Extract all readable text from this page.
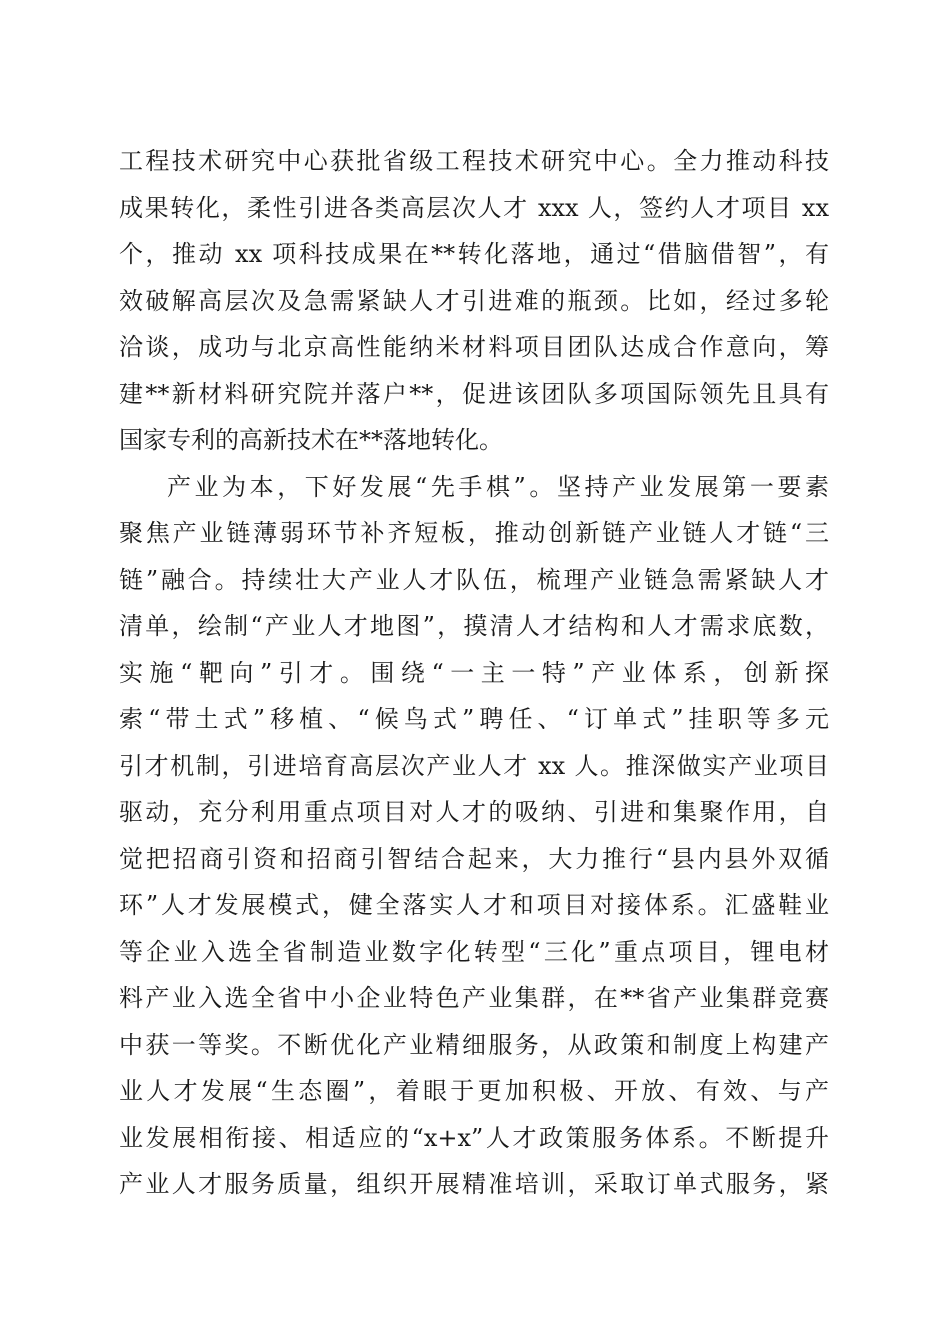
工程技术研究中心获批省级工程技术研究中心。全力推动科技
成果转化，柔性引进各类高层次人才 xxx 人，签约人才项目 xx
个，推动 xx 项科技成果在**转化落地，通过“借脑借智”，有
效破解高层次及急需紧缺人才引进难的瓶颈。比如，经过多轮
洽谈，成功与北京高性能纳米材料项目团队达成合作意向，筹
建**新材料研究院并落户**，促进该团队多项国际领先且具有
国家专利的高新技术在**落地转化。
产业为本，下好发展“先手棋”。坚持产业发展第一要素
聚焦产业链薄弱环节补齐短板，推动创新链产业链人才链“三
链”融合。持续壮大产业人才队伍，梳理产业链急需紧缺人才
清单，绘制“产业人才地图”，摸清人才结构和人才需求底数，
实施“靶向”引才。围绕“一主一特”产业体系，创新探
索“带土式”移植、“候鸟式”聘任、“订单式”挂职等多元
引才机制，引进培育高层次产业人才 xx 人。推深做实产业项目
驱动，充分利用重点项目对人才的吸纳、引进和集聚作用，自
觉把招商引资和招商引智结合起来，大力推行“县内县外双循
环”人才发展模式，健全落实人才和项目对接体系。汇盛鞋业
等企业入选全省制造业数字化转型“三化”重点项目，锂电材
料产业入选全省中小企业特色产业集群，在**省产业集群竞赛
中获一等奖。不断优化产业精细服务，从政策和制度上构建产
业人才发展“生态圈”，着眼于更加积极、开放、有效、与产
业发展相衔接、相适应的“x+x”人才政策服务体系。不断提升
产业人才服务质量，组织开展精准培训，采取订单式服务，紧
